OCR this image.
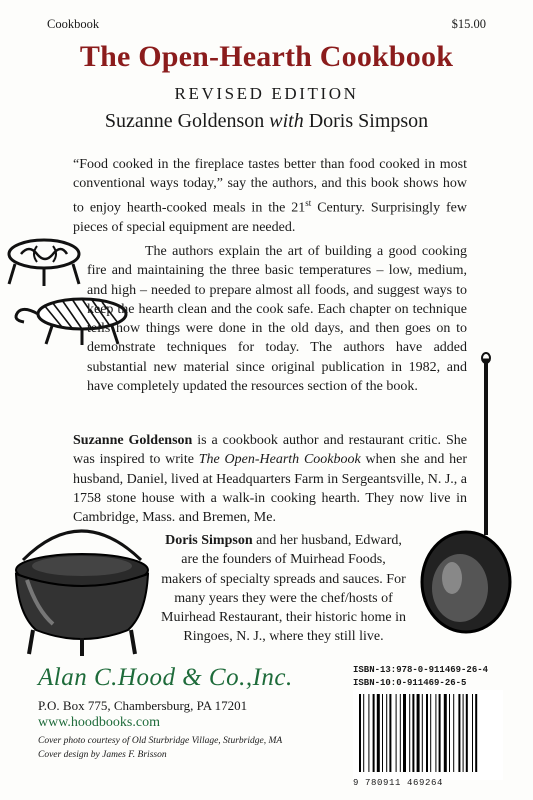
Cookbook	$15.00
The Open-Hearth Cookbook
REVISED EDITION
Suzanne Goldenson with Doris Simpson
“Food cooked in the fireplace tastes better than food cooked in most conventional ways today,” say the authors, and this book shows how to enjoy hearth-cooked meals in the 21st Century. Surprisingly few pieces of special equipment are needed.
The authors explain the art of building a good cooking fire and maintaining the three basic temperatures – low, medium, and high – needed to prepare almost all foods, and suggest ways to keep the hearth clean and the cook safe. Each chapter on technique tells how things were done in the old days, and then goes on to demonstrate techniques for today. The authors have added substantial new material since original publication in 1982, and have completely updated the resources section of the book.
Suzanne Goldenson is a cookbook author and restaurant critic. She was inspired to write The Open-Hearth Cookbook when she and her husband, Daniel, lived at Headquarters Farm in Sergeantsville, N. J., a 1758 stone house with a walk-in cooking hearth. They now live in Cambridge, Mass. and Bremen, Me.
Doris Simpson and her husband, Edward, are the founders of Muirhead Foods, makers of specialty spreads and sauces. For many years they were the chef/hosts of Muirhead Restaurant, their historic home in Ringoes, N. J., where they still live.
Alan C.Hood & Co.,Inc.
P.O. Box 775, Chambersburg, PA 17201
www.hoodbooks.com
Cover photo courtesy of Old Sturbridge Village, Sturbridge, MA
Cover design by James F. Brisson
ISBN-13:978-0-911469-26-4
ISBN-10:0-911469-26-5
9 780911 469264
